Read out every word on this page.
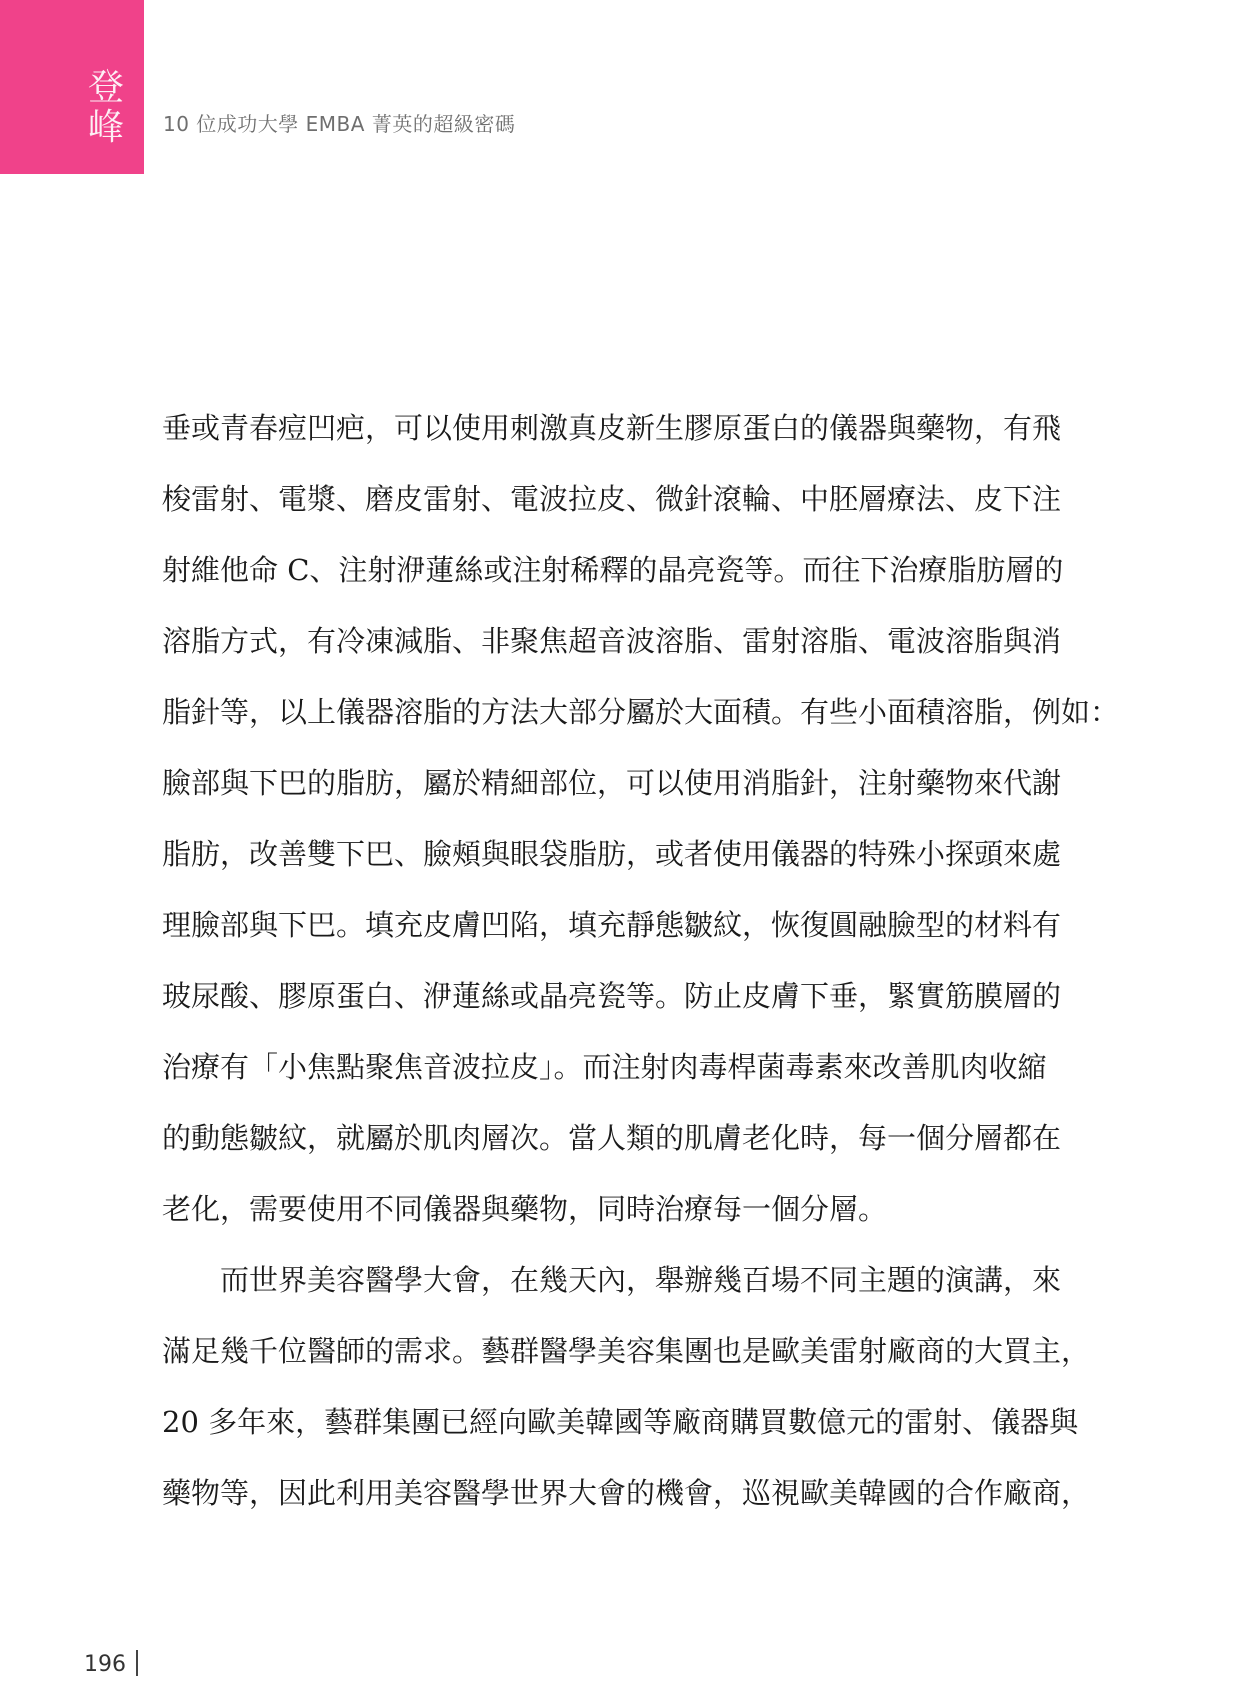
登
峰 10 位成功大學 EMBA 菁英的超級密碼
垂或青春痘凹疤，可以使用刺激真皮新生膠原蛋白的儀器與藥物，有飛
梭雷射、電漿、磨皮雷射、電波拉皮、微針滾輪、中胚層療法、皮下注
射維他命 C、注射洢蓮絲或注射稀釋的晶亮瓷等。而往下治療脂肪層的
溶脂方式，有冷凍減脂、非聚焦超音波溶脂、雷射溶脂、電波溶脂與消
脂針等，以上儀器溶脂的方法大部分屬於大面積。有些小面積溶脂，例如：
臉部與下巴的脂肪，屬於精細部位，可以使用消脂針，注射藥物來代謝
脂肪，改善雙下巴、臉頰與眼袋脂肪，或者使用儀器的特殊小探頭來處
理臉部與下巴。填充皮膚凹陷，填充靜態皺紋，恢復圓融臉型的材料有
玻尿酸、膠原蛋白、洢蓮絲或晶亮瓷等。防止皮膚下垂，緊實筋膜層的
治療有「小焦點聚焦音波拉皮」。而注射肉毒桿菌毒素來改善肌肉收縮
的動態皺紋，就屬於肌肉層次。當人類的肌膚老化時，每一個分層都在
老化，需要使用不同儀器與藥物，同時治療每一個分層。
　　而世界美容醫學大會，在幾天內，舉辦幾百場不同主題的演講，來
滿足幾千位醫師的需求。藝群醫學美容集團也是歐美雷射廠商的大買主，
20 多年來，藝群集團已經向歐美韓國等廠商購買數億元的雷射、儀器與
藥物等，因此利用美容醫學世界大會的機會，巡視歐美韓國的合作廠商，
196
